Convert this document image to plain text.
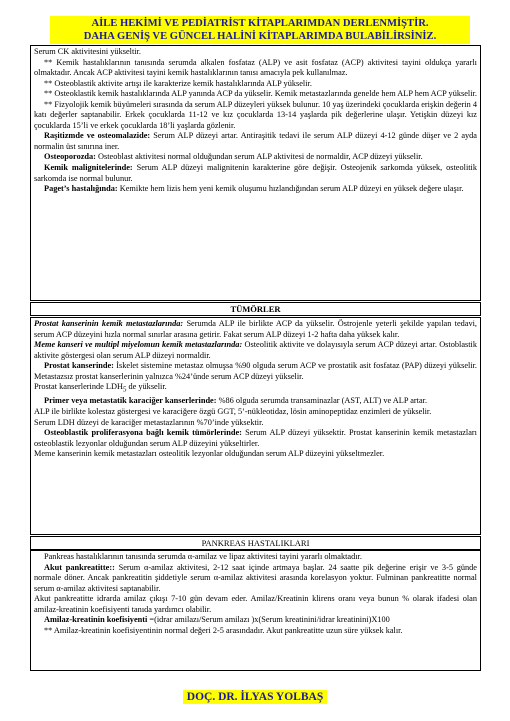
AİLE HEKİMİ VE PEDİATRİST KİTAPLARIMDAN DERLENMİŞTİR.
DAHA GENİŞ VE GÜNCEL HALİNİ KİTAPLARIMDA BULABİLİRSİNİZ.

Serum CK aktivitesini yükseltir.

** Kemik hastalıklarının tanısında serumda alkalen fosfataz (ALP) ve asit fosfataz (ACP) aktivitesi tayini oldukça yararlı olmaktadır. Ancak ACP aktivitesi tayini kemik hastalıklarının tanısı amacıyla pek kullanılmaz.

** Osteoblastik aktivite artışı ile karakterize kemik hastalıklarında ALP yükselir.

** Osteoklastik kemik hastalıklarında ALP yanında ACP da yükselir. Kemik metastazlarında genelde hem ALP hem ACP yükselir.

** Fizyolojik kemik büyümeleri sırasında da serum ALP düzeyleri yüksek bulunur. 10 yaş üzerindeki çocuklarda erişkin değerin 4 katı değerler saptanabilir. Erkek çocuklarda 11-12 ve kız çocuklarda 13-14 yaşlarda pik değerlerine ulaşır. Yetişkin düzeyi kız çocuklarda 15’li ve erkek çocuklarda 18’li yaşlarda gözlenir.

Raşitizmde ve osteomalazide: Serum ALP düzeyi artar. Antiraşitik tedavi ile serum ALP düzeyi 4-12 günde düşer ve 2 ayda normalin üst sınırına iner.

Osteoporozda: Osteoblast aktivitesi normal olduğundan serum ALP aktivitesi de normaldir, ACP düzeyi yükselir.

Kemik malignitelerinde: Serum ALP düzeyi malignitenin karakterine göre değişir. Osteojenik sarkomda yüksek, osteolitik sarkomda ise normal bulunur.

Paget’s hastalığında: Kemikte hem lizis hem yeni kemik oluşumu hızlandığından serum ALP düzeyi en yüksek değere ulaşır.

TÜMÖRLER

Prostat kanserinin kemik metastazlarında: Serumda ALP ile birlikte ACP da yükselir. Östrojenle yeterli şekilde yapılan tedavi, serum ACP düzeyini hızla normal sınırlar arasına getirir. Fakat serum ALP düzeyi 1-2 hafta daha yüksek kalır.

Meme kanseri ve multipl miyelomun kemik metastazlarında: Osteolitik aktivite ve dolayısıyla serum ACP düzeyi artar. Ostoblastik aktivite göstergesi olan serum ALP düzeyi normaldir.

Prostat kanserinde: İskelet sistemine metastaz olmuşsa %90 olguda serum ACP ve prostatik asit fosfataz (PAP) düzeyi yükselir. Metastazsız prostat kanserlerinin yalnızca %24’ünde serum ACP düzeyi yükselir.

Prostat kanserlerinde $LDH_5$ de yükselir.

Primer veya metastatik karaciğer kanserlerinde: %86 olguda serumda transaminazlar (AST, ALT) ve ALP artar.

ALP ile birlikte kolestaz göstergesi ve karaciğere özgü GGT, 5’-nükleotidaz, lösin aminopeptidaz enzimleri de yükselir.

Serum LDH düzeyi de karaciğer metastazlarının %70’inde yüksektir.

Osteoblastik proliferasyona bağlı kemik tümörlerinde: Serum ALP düzeyi yüksektir. Prostat kanserinin kemik metastazları osteoblastik lezyonlar olduğundan serum ALP düzeyini yükseltirler.

Meme kanserinin kemik metastazları osteolitik lezyonlar olduğundan serum ALP düzeyini yükseltmezler.

PANKREAS HASTALIKLARI

Pankreas hastalıklarının tanısında serumda α-amilaz ve lipaz aktivitesi tayini yararlı olmaktadır.

Akut pankreatitte:: Serum α-amilaz aktivitesi, 2-12 saat içinde artmaya başlar. 24 saatte pik değerine erişir ve 3-5 günde normale döner. Ancak pankreatitin şiddetiyle serum α-amilaz aktivitesi arasında korelasyon yoktur. Fulminan pankreatitte normal serum α-amilaz aktivitesi saptanabilir.

Akut pankreatitte idrarda amilaz çıkışı 7-10 gün devam eder. Amilaz/Kreatinin klirens oranı veya bunun % olarak ifadesi olan amilaz-kreatinin koefisiyenti tanıda yardımcı olabilir.

Amilaz-kreatinin koefisiyenti =(idrar amilazı/Serum amilazı )x(Serum kreatinini/idrar kreatinini)X100

** Amilaz-kreatinin koefisiyentinin normal değeri 2-5 arasındadır. Akut pankreatitte uzun süre yüksek kalır.

DOÇ. DR. İLYAS YOLBAŞ
